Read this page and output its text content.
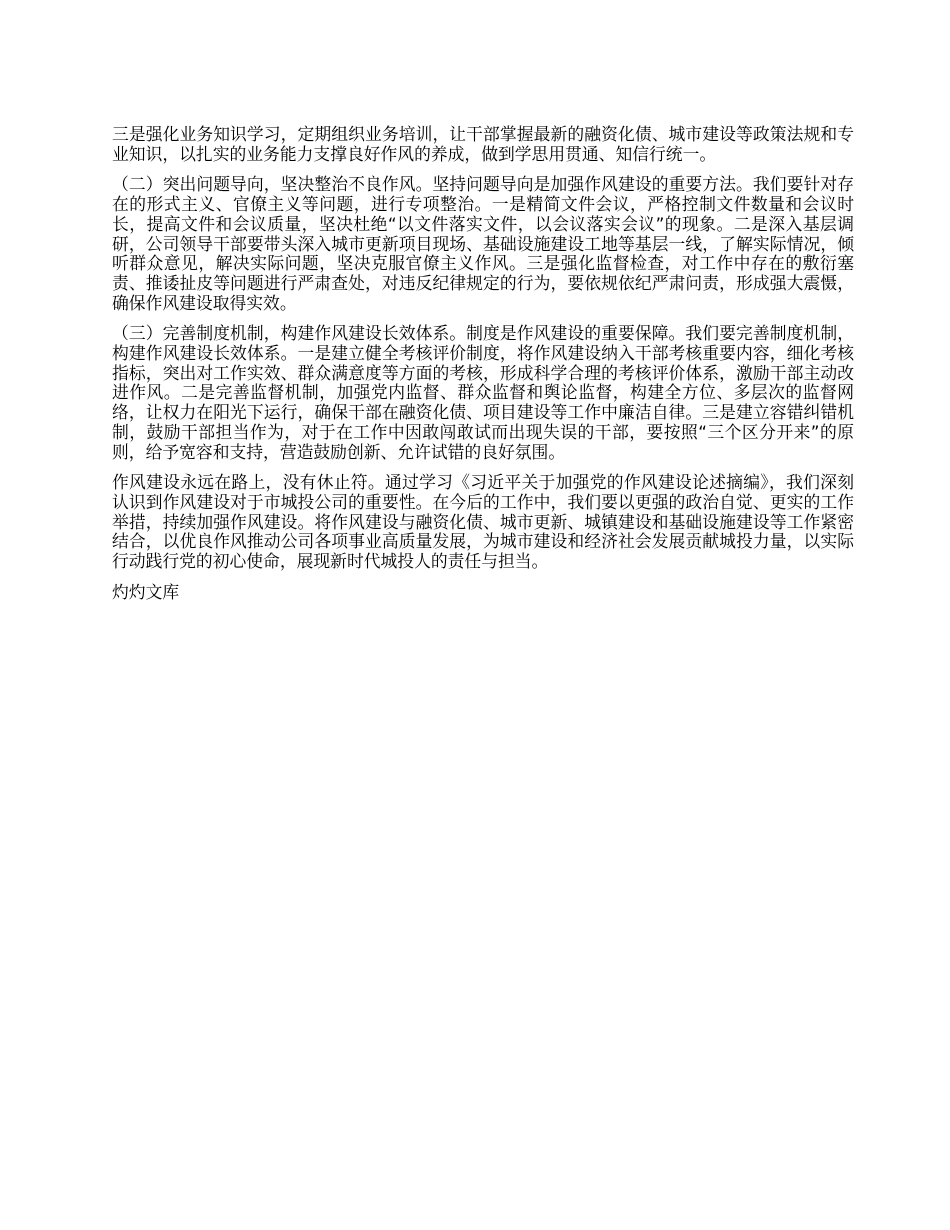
三是强化业务知识学习，定期组织业务培训，让干部掌握最新的融资化债、城市建设等政策法规和专业知识，以扎实的业务能力支撑良好作风的养成，做到学思用贯通、知信行统一。

（二）突出问题导向，坚决整治不良作风。坚持问题导向是加强作风建设的重要方法。我们要针对存在的形式主义、官僚主义等问题，进行专项整治。一是精简文件会议，严格控制文件数量和会议时长，提高文件和会议质量，坚决杜绝“以文件落实文件，以会议落实会议”的现象。二是深入基层调研，公司领导干部要带头深入城市更新项目现场、基础设施建设工地等基层一线，了解实际情况，倾听群众意见，解决实际问题，坚决克服官僚主义作风。三是强化监督检查，对工作中存在的敷衍塞责、推诿扯皮等问题进行严肃查处，对违反纪律规定的行为，要依规依纪严肃问责，形成强大震慑，确保作风建设取得实效。

（三）完善制度机制，构建作风建设长效体系。制度是作风建设的重要保障。我们要完善制度机制，构建作风建设长效体系。一是建立健全考核评价制度，将作风建设纳入干部考核重要内容，细化考核指标，突出对工作实效、群众满意度等方面的考核，形成科学合理的考核评价体系，激励干部主动改进作风。二是完善监督机制，加强党内监督、群众监督和舆论监督，构建全方位、多层次的监督网络，让权力在阳光下运行，确保干部在融资化债、项目建设等工作中廉洁自律。三是建立容错纠错机制，鼓励干部担当作为，对于在工作中因敢闯敢试而出现失误的干部，要按照“三个区分开来”的原则，给予宽容和支持，营造鼓励创新、允许试错的良好氛围。

作风建设永远在路上，没有休止符。通过学习《习近平关于加强党的作风建设论述摘编》，我们深刻认识到作风建设对于市城投公司的重要性。在今后的工作中，我们要以更强的政治自觉、更实的工作举措，持续加强作风建设。将作风建设与融资化债、城市更新、城镇建设和基础设施建设等工作紧密结合，以优良作风推动公司各项事业高质量发展，为城市建设和经济社会发展贡献城投力量，以实际行动践行党的初心使命，展现新时代城投人的责任与担当。

灼灼文库
